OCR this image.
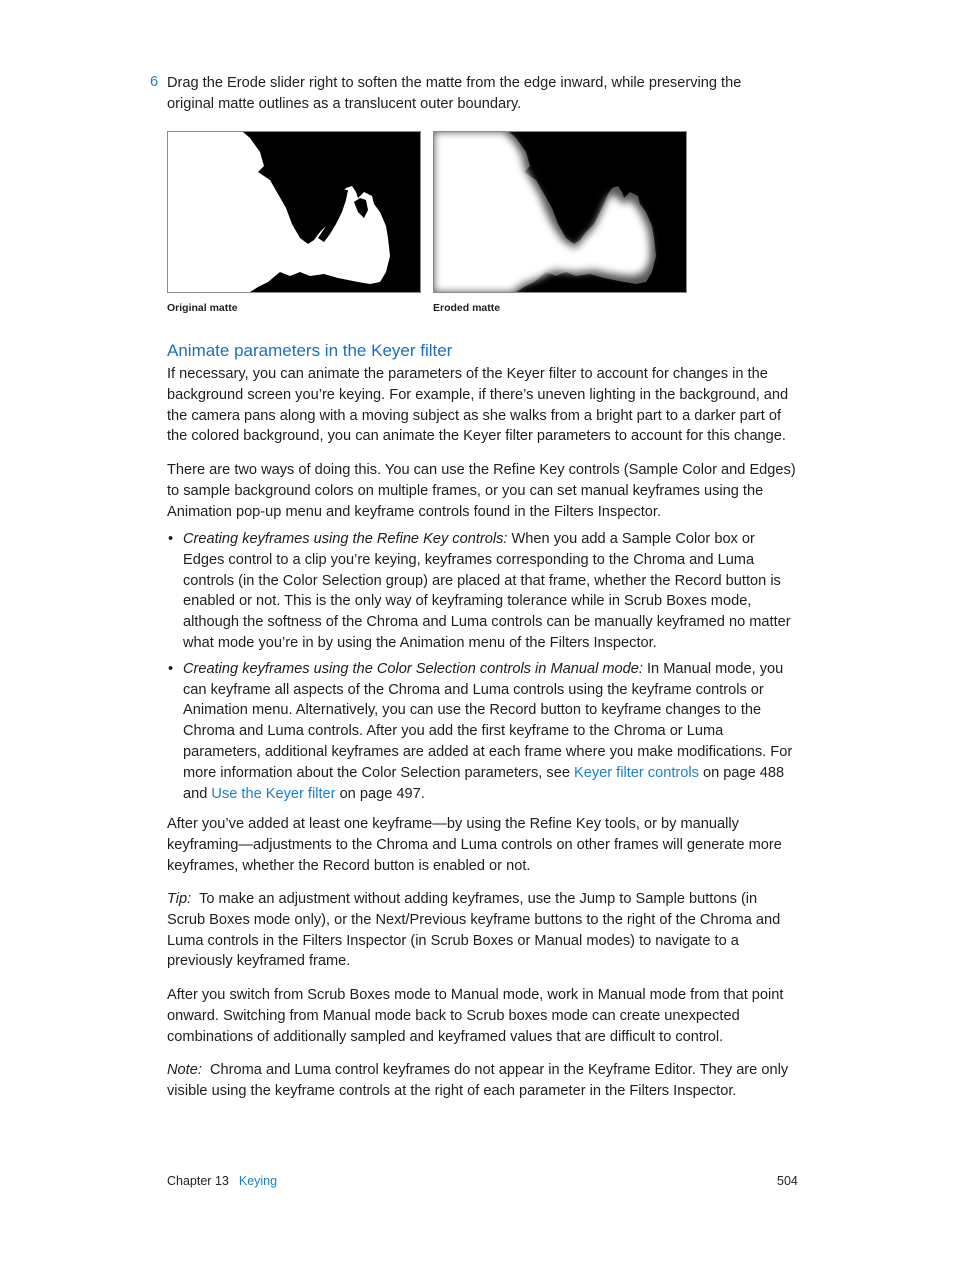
6 Drag the Erode slider right to soften the matte from the edge inward, while preserving the original matte outlines as a translucent outer boundary.
Original matte	Eroded matte
Animate parameters in the Keyer filter
If necessary, you can animate the parameters of the Keyer filter to account for changes in the background screen you’re keying. For example, if there’s uneven lighting in the background, and the camera pans along with a moving subject as she walks from a bright part to a darker part of the colored background, you can animate the Keyer filter parameters to account for this change.
There are two ways of doing this. You can use the Refine Key controls (Sample Color and Edges) to sample background colors on multiple frames, or you can set manual keyframes using the Animation pop-up menu and keyframe controls found in the Filters Inspector.
• Creating keyframes using the Refine Key controls: When you add a Sample Color box or Edges control to a clip you’re keying, keyframes corresponding to the Chroma and Luma controls (in the Color Selection group) are placed at that frame, whether the Record button is enabled or not. This is the only way of keyframing tolerance while in Scrub Boxes mode, although the softness of the Chroma and Luma controls can be manually keyframed no matter what mode you’re in by using the Animation menu of the Filters Inspector.
• Creating keyframes using the Color Selection controls in Manual mode: In Manual mode, you can keyframe all aspects of the Chroma and Luma controls using the keyframe controls or Animation menu. Alternatively, you can use the Record button to keyframe changes to the Chroma and Luma controls. After you add the first keyframe to the Chroma or Luma parameters, additional keyframes are added at each frame where you make modifications. For more information about the Color Selection parameters, see Keyer filter controls on page 488 and Use the Keyer filter on page 497.
After you’ve added at least one keyframe—by using the Refine Key tools, or by manually keyframing—adjustments to the Chroma and Luma controls on other frames will generate more keyframes, whether the Record button is enabled or not.
Tip: To make an adjustment without adding keyframes, use the Jump to Sample buttons (in Scrub Boxes mode only), or the Next/Previous keyframe buttons to the right of the Chroma and Luma controls in the Filters Inspector (in Scrub Boxes or Manual modes) to navigate to a previously keyframed frame.
After you switch from Scrub Boxes mode to Manual mode, work in Manual mode from that point onward. Switching from Manual mode back to Scrub boxes mode can create unexpected combinations of additionally sampled and keyframed values that are difficult to control.
Note: Chroma and Luma control keyframes do not appear in the Keyframe Editor. They are only visible using the keyframe controls at the right of each parameter in the Filters Inspector.
Chapter 13 Keying	504
